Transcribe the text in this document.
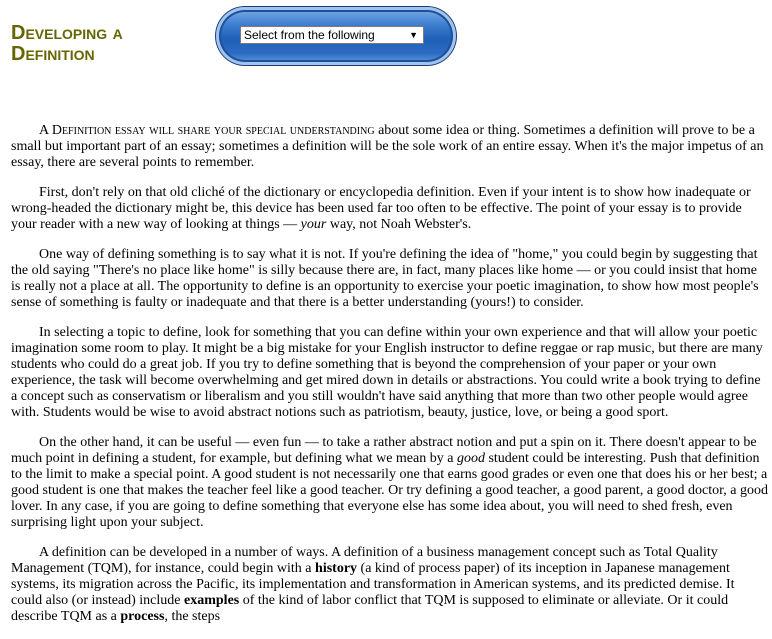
Developing a
Definition
Select from the following	▼

A Definition essay will share your special understanding about some idea or thing. Sometimes a definition will prove to be a small but important part of an essay; sometimes a definition will be the sole work of an entire essay. When it's the major impetus of an essay, there are several points to remember.

First, don't rely on that old cliché of the dictionary or encyclopedia definition. Even if your intent is to show how inadequate or wrong-headed the dictionary might be, this device has been used far too often to be effective. The point of your essay is to provide your reader with a new way of looking at things — your way, not Noah Webster's.

One way of defining something is to say what it is not. If you're defining the idea of "home," you could begin by suggesting that the old saying "There's no place like home" is silly because there are, in fact, many places like home — or you could insist that home is really not a place at all. The opportunity to define is an opportunity to exercise your poetic imagination, to show how most people's sense of something is faulty or inadequate and that there is a better understanding (yours!) to consider.

In selecting a topic to define, look for something that you can define within your own experience and that will allow your poetic imagination some room to play. It might be a big mistake for your English instructor to define reggae or rap music, but there are many students who could do a great job. If you try to define something that is beyond the comprehension of your paper or your own experience, the task will become overwhelming and get mired down in details or abstractions. You could write a book trying to define a concept such as conservatism or liberalism and you still wouldn't have said anything that more than two other people would agree with. Students would be wise to avoid abstract notions such as patriotism, beauty, justice, love, or being a good sport.

On the other hand, it can be useful — even fun — to take a rather abstract notion and put a spin on it. There doesn't appear to be much point in defining a student, for example, but defining what we mean by a good student could be interesting. Push that definition to the limit to make a special point. A good student is not necessarily one that earns good grades or even one that does his or her best; a good student is one that makes the teacher feel like a good teacher. Or try defining a good teacher, a good parent, a good doctor, a good lover. In any case, if you are going to define something that everyone else has some idea about, you will need to shed fresh, even surprising light upon your subject.

A definition can be developed in a number of ways. A definition of a business management concept such as Total Quality Management (TQM), for instance, could begin with a history (a kind of process paper) of its inception in Japanese management systems, its migration across the Pacific, its implementation and transformation in American systems, and its predicted demise. It could also (or instead) include examples of the kind of labor conflict that TQM is supposed to eliminate or alleviate. Or it could describe TQM as a process, the steps
